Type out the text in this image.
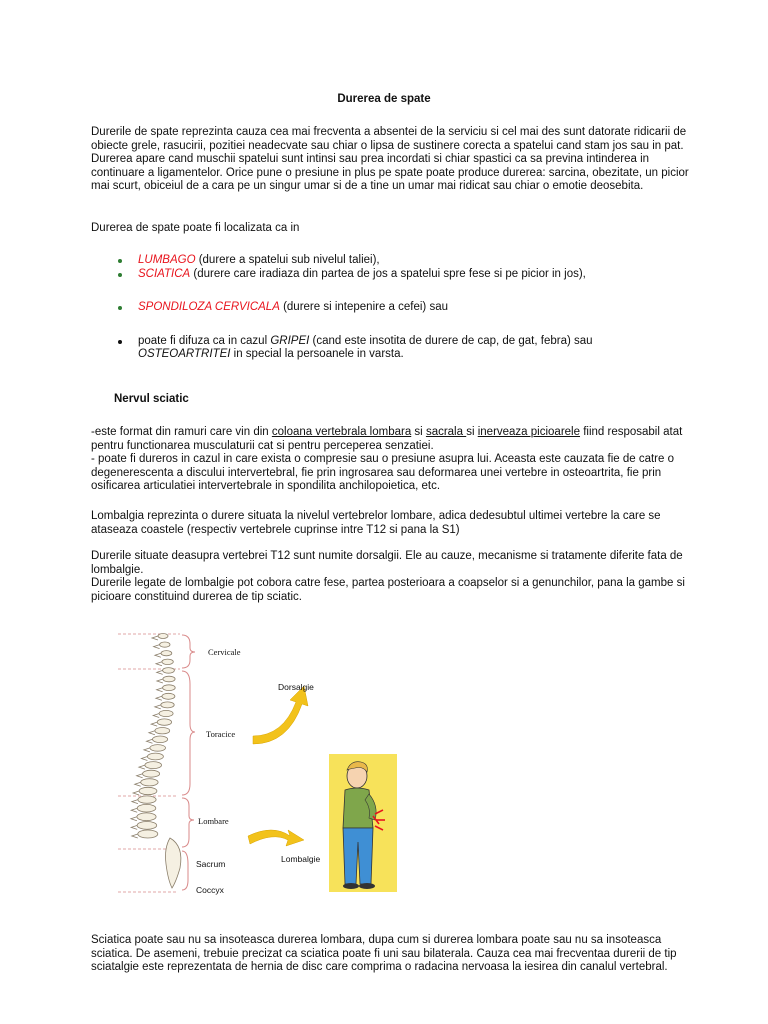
Durerea de spate

Durerile de spate reprezinta cauza cea mai frecventa a absentei de la serviciu si cel mai des sunt datorate ridicarii de obiecte grele, rasucirii, pozitiei neadecvate sau chiar o lipsa de sustinere corecta a spatelui cand stam jos sau in pat. Durerea apare cand muschii spatelui sunt intinsi sau prea incordati si chiar spastici ca sa previna intinderea in continuare a ligamentelor. Orice pune o presiune in plus pe spate poate produce durerea: sarcina, obezitate, un picior mai scurt, obiceiul de a cara pe un singur umar si de a tine un umar mai ridicat sau chiar o emotie deosebita.

Durerea de spate poate fi localizata ca in

LUMBAGO (durere a spatelui sub nivelul taliei),
SCIATICA (durere care iradiaza din partea de jos a spatelui spre fese si pe picior in jos),
SPONDILOZA CERVICALA (durere si intepenire a cefei) sau
poate fi difuza ca in cazul GRIPEI (cand este insotita de durere de cap, de gat, febra) sau
OSTEOARTRITEI in special la persoanele in varsta.
Nervul sciatic

-este format din ramuri care vin din coloana vertebrala lombara si sacrala si inerveaza picioarele fiind resposabil atat pentru functionarea musculaturii cat si pentru perceperea senzatiei.
- poate fi dureros in cazul in care exista o compresie sau o presiune asupra lui. Aceasta este cauzata fie de catre o degenerescenta a discului intervertebral, fie prin ingrosarea sau deformarea unei vertebre in osteoartrita, fie prin osificarea articulatiei intervertebrale in spondilita anchilopoietica, etc.

Lombalgia reprezinta o durere situata la nivelul vertebrelor lombare, adica dedesubtul ultimei vertebre la care se ataseaza coastele (respectiv vertebrele cuprinse intre T12 si pana la S1)

Durerile situate deasupra vertebrei T12 sunt numite dorsalgii. Ele au cauze, mecanisme si tratamente diferite fata de lombalgie.
Durerile legate de lombalgie pot cobora catre fese, partea posterioara a coapselor si a genunchilor, pana la gambe si picioare constituind durerea de tip sciatic.

Cervicale
Toracice
Lombare
Sacrum
Coccyx
Dorsalgie
Lombalgie

Sciatica poate sau nu sa insoteasca durerea lombara, dupa cum si durerea lombara poate sau nu sa insoteasca sciatica. De asemeni, trebuie precizat ca sciatica poate fi uni sau bilaterala. Cauza cea mai frecventaa durerii de tip sciatalgie este reprezentata de hernia de disc care comprima o radacina nervoasa la iesirea din canalul vertebral.
